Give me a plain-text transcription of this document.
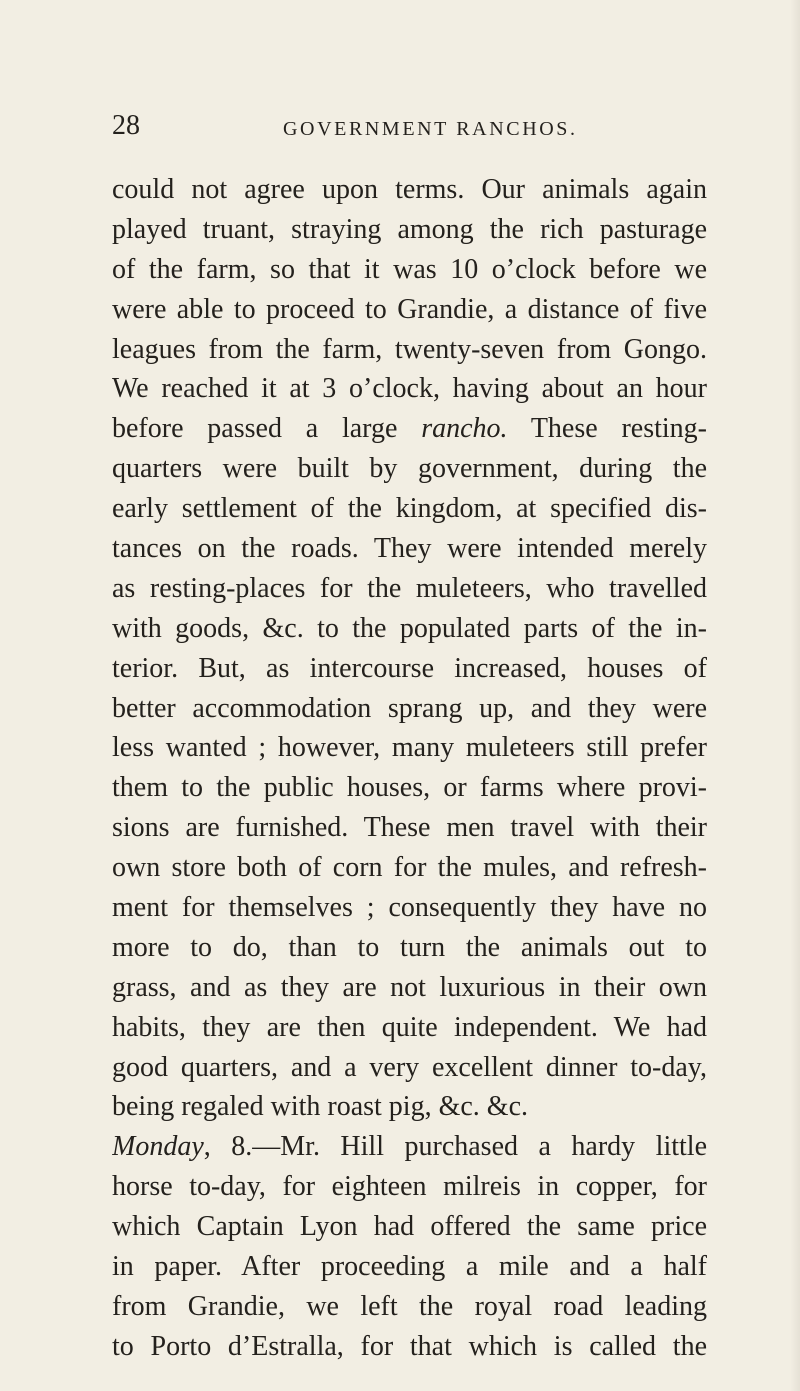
28	GOVERNMENT RANCHOS.
could not agree upon terms. Our animals again
played truant, straying among the rich pasturage
of the farm, so that it was 10 o’clock before we
were able to proceed to Grandie, a distance of five
leagues from the farm, twenty-seven from Gongo.
We reached it at 3 o’clock, having about an hour
before passed a large rancho. These resting-
quarters were built by government, during the
early settlement of the kingdom, at specified dis-
tances on the roads. They were intended merely
as resting-places for the muleteers, who travelled
with goods, &c. to the populated parts of the in-
terior. But, as intercourse increased, houses of
better accommodation sprang up, and they were
less wanted ; however, many muleteers still prefer
them to the public houses, or farms where provi-
sions are furnished. These men travel with their
own store both of corn for the mules, and refresh-
ment for themselves ; consequently they have no
more to do, than to turn the animals out to
grass, and as they are not luxurious in their own
habits, they are then quite independent. We had
good quarters, and a very excellent dinner to-day,
being regaled with roast pig, &c. &c.
Monday, 8.—Mr. Hill purchased a hardy little
horse to-day, for eighteen milreis in copper, for
which Captain Lyon had offered the same price
in paper. After proceeding a mile and a half
from Grandie, we left the royal road leading
to Porto d’Estralla, for that which is called the
